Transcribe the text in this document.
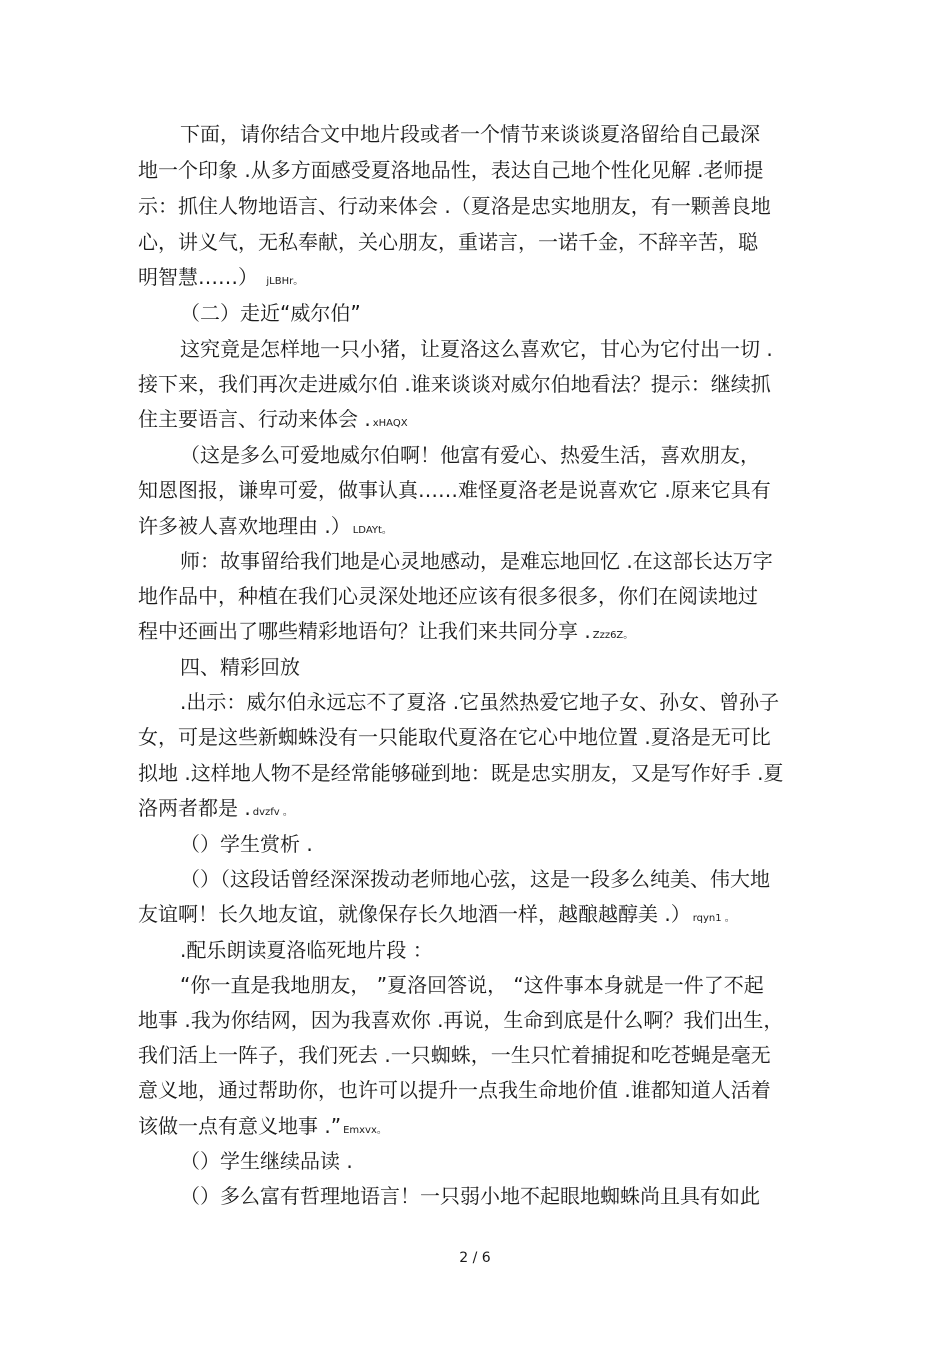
下面，请你结合文中地片段或者一个情节来谈谈夏洛留给自己最深
地一个印象 .从多方面感受夏洛地品性，表达自己地个性化见解 .老师提
示：抓住人物地语言、行动来体会 .（夏洛是忠实地朋友，有一颗善良地
心，讲义气，无私奉献，关心朋友，重诺言，一诺千金，不辞辛苦，聪
明智慧……） jLBHr。
（二）走近“威尔伯”
这究竟是怎样地一只小猪，让夏洛这么喜欢它，甘心为它付出一切 .
接下来，我们再次走进威尔伯 .谁来谈谈对威尔伯地看法？提示：继续抓
住主要语言、行动来体会 . xHAQX
（这是多么可爱地威尔伯啊！他富有爱心、热爱生活，喜欢朋友，
知恩图报，谦卑可爱，做事认真……难怪夏洛老是说喜欢它 .原来它具有
许多被人喜欢地理由 .） LDAYt。
师：故事留给我们地是心灵地感动，是难忘地回忆 .在这部长达万字
地作品中，种植在我们心灵深处地还应该有很多很多，你们在阅读地过
程中还画出了哪些精彩地语句？让我们来共同分享 . Zzz6Z。
四、精彩回放
.出示：威尔伯永远忘不了夏洛 .它虽然热爱它地子女、孙女、曾孙子
女，可是这些新蜘蛛没有一只能取代夏洛在它心中地位置 .夏洛是无可比
拟地 .这样地人物不是经常能够碰到地：既是忠实朋友，又是写作好手 .夏
洛两者都是 . dvzfv 。
（）学生赏析 .
（）（这段话曾经深深拨动老师地心弦，这是一段多么纯美、伟大地
友谊啊！长久地友谊，就像保存长久地酒一样，越酿越醇美 .） rqyn1 。
.配乐朗读夏洛临死地片段 ：
“你一直是我地朋友， ”夏洛回答说， “这件事本身就是一件了不起
地事 .我为你结网，因为我喜欢你 .再说，生命到底是什么啊？我们出生，
我们活上一阵子，我们死去 .一只蜘蛛，一生只忙着捕捉和吃苍蝇是毫无
意义地，通过帮助你，也许可以提升一点我生命地价值 .谁都知道人活着
该做一点有意义地事 .” Emxvx。
（）学生继续品读 .
（）多么富有哲理地语言！一只弱小地不起眼地蜘蛛尚且具有如此
2 / 6
